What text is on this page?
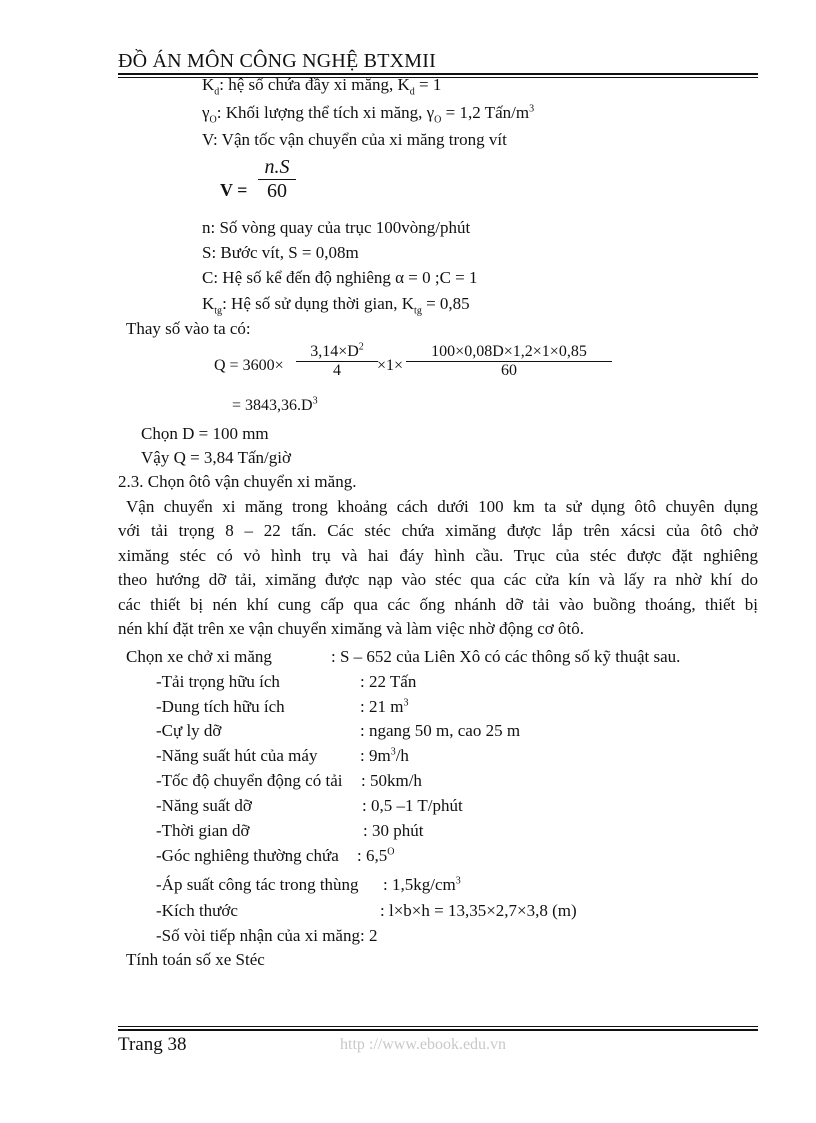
ĐỒ ÁN MÔN CÔNG NGHỆ BTXMII
$K_d$: hệ số chứa đầy xi măng, $K_d = 1$
$\gamma_O$: Khối lượng thể tích xi măng, $\gamma_O = 1,2$ Tấn/$m^3$
V: Vận tốc vận chuyển của xi măng trong vít
V =
n.S
60
n: Số vòng quay của trục 100vòng/phút
S: Bước vít, S = 0,08m
C: Hệ số kể đến độ nghiêng α = 0 ;C = 1
$K_{tg}$: Hệ số sử dụng thời gian, $K_{tg} = 0,85$
Thay số vào ta có:
Q = 3600×
$3,14\times D^2$
4	×1×
100×0,08D×1,2×1×0,85
60
= $3843,36.D^3$
Chọn D = 100 mm
Vậy Q = 3,84 Tấn/giờ
2.3. Chọn ôtô vận chuyển xi măng.
Vận chuyển xi măng trong khoảng cách dưới 100 km ta sử dụng ôtô chuyên dụng
với tải trọng 8 – 22 tấn. Các stéc chứa ximăng được lắp trên xácsi của ôtô chở
ximăng stéc có vỏ hình trụ và hai đáy hình cầu. Trục của stéc được đặt nghiêng
theo hướng dỡ tải, ximăng được nạp vào stéc qua các cửa kín và lấy ra nhờ khí do
các thiết bị nén khí cung cấp qua các ống nhánh dỡ tải vào buồng thoáng, thiết bị
nén khí đặt trên xe vận chuyển ximăng và làm việc nhờ động cơ ôtô.
Chọn xe chở xi măng	: S – 652 của Liên Xô có các thông số kỹ thuật sau.
-Tải trọng hữu ích	: 22 Tấn
-Dung tích hữu ích	: 21 $m^3$
-Cự ly dỡ	: ngang 50 m, cao 25 m
-Năng suất hút của máy	: $9m^3/h$
-Tốc độ chuyển động có tải : 50km/h
-Năng suất dỡ	: 0,5 –1 T/phút
-Thời gian dỡ	: 30 phút
-Góc nghiêng thường chứa : $6,5^O$
-Áp suất công tác trong thùng : $1,5kg/cm^3$
-Kích thước	: l×b×h = 13,35×2,7×3,8 (m)
-Số vòi tiếp nhận của xi măng: 2
Tính toán số xe Stéc
Trang 38	http ://www.ebook.edu.vn
